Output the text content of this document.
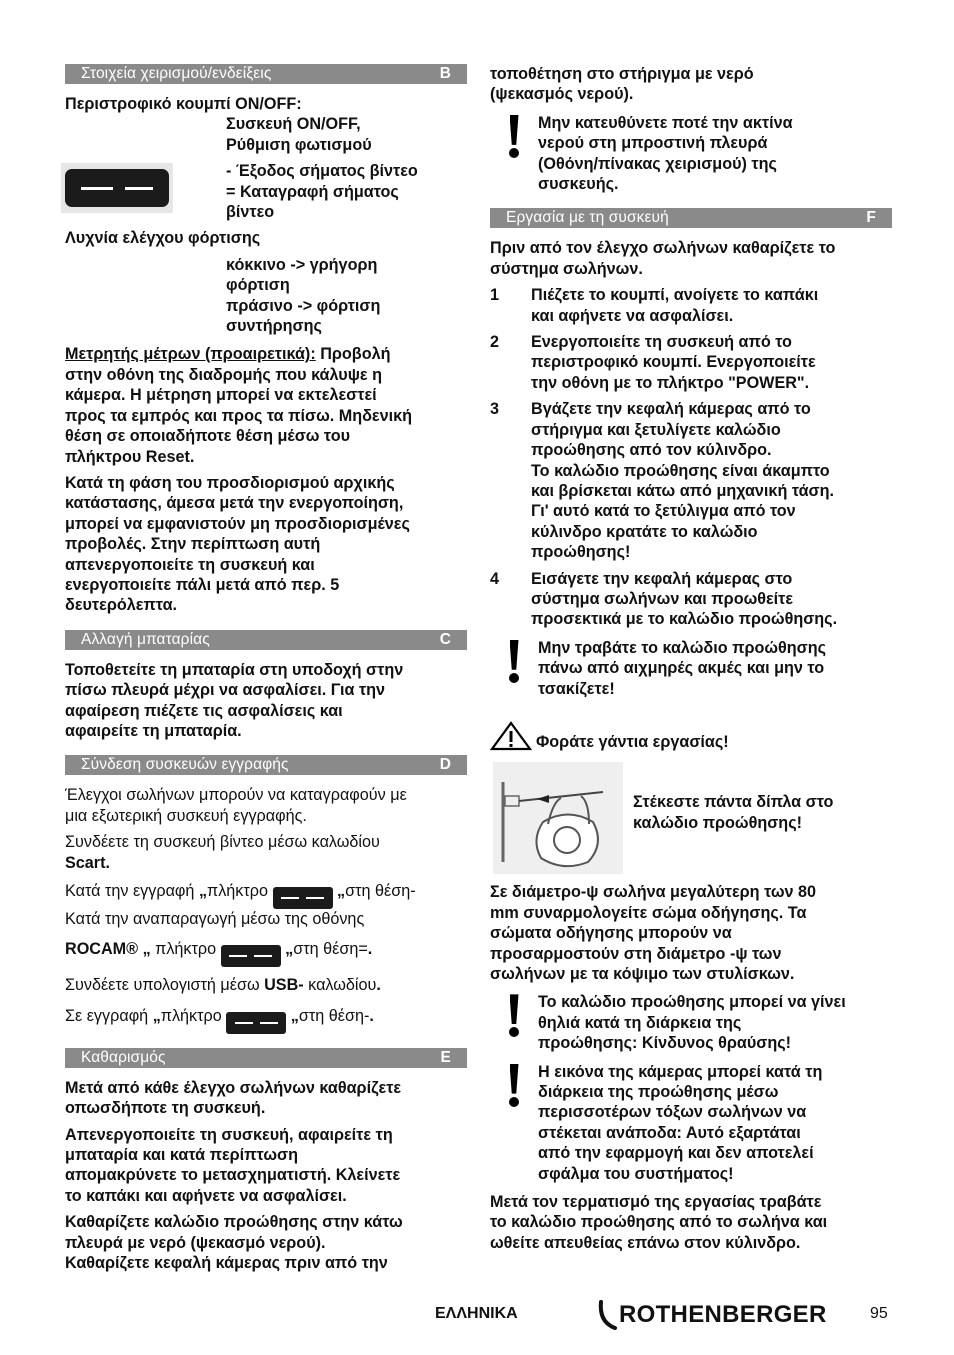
Στοιχεία χειρισμού/ενδείξεις	B

Περιστροφικό κουμπί ON/OFF:

Συσκευή ON/OFF,

Ρύθμιση φωτισμού

- Έξοδος σήματος βίντεο

= Καταγραφή σήματος

βίντεο

Λυχνία ελέγχου φόρτισης

κόκκινο -> γρήγορη

φόρτιση

πράσινο -> φόρτιση

συντήρησης

Μετρητής μέτρων (προαιρετικά): Προβολή

στην οθόνη της διαδρομής που κάλυψε η

κάμερα. Η μέτρηση μπορεί να εκτελεστεί

προς τα εμπρός και προς τα πίσω. Μηδενική

θέση σε οποιαδήποτε θέση μέσω του

πλήκτρου Reset.

Κατά τη φάση του προσδιορισμού αρχικής

κατάστασης, άμεσα μετά την ενεργοποίηση,

μπορεί να εμφανιστούν μη προσδιορισμένες

προβολές. Στην περίπτωση αυτή

απενεργοποιείτε τη συσκευή και

ενεργοποιείτε πάλι μετά από περ. 5

δευτερόλεπτα.

Αλλαγή μπαταρίας	C

Τοποθετείτε τη μπαταρία στη υποδοχή στην

πίσω πλευρά μέχρι να ασφαλίσει. Για την

αφαίρεση πιέζετε τις ασφαλίσεις και

αφαιρείτε τη μπαταρία.

Σύνδεση συσκευών εγγραφής	D

Έλεγχοι σωλήνων μπορούν να καταγραφούν με

μια εξωτερική συσκευή εγγραφής.

Συνδέετε τη συσκευή βίντεο μέσω καλωδίου

Scart.

Κατά την εγγραφή „πλήκτρο	„στη θέση-

Κατά την αναπαραγωγή μέσω της οθόνης

ROCAM® „ πλήκτρο	„στη θέση=.

Συνδέετε υπολογιστή μέσω USB- καλωδίου.

Σε εγγραφή „πλήκτρο	„στη θέση-.

Καθαρισμός	E

Μετά από κάθε έλεγχο σωλήνων καθαρίζετε

οπωσδήποτε τη συσκευή.

Απενεργοποιείτε τη συσκευή, αφαιρείτε τη

μπαταρία και κατά περίπτωση

απομακρύνετε το μετασχηματιστή. Κλείνετε

το καπάκι και αφήνετε να ασφαλίσει.

Καθαρίζετε καλώδιο προώθησης στην κάτω

πλευρά με νερό (ψεκασμό νερού).

Καθαρίζετε κεφαλή κάμερας πριν από την

τοποθέτηση στο στήριγμα με νερό

(ψεκασμός νερού).

Μην κατευθύνετε ποτέ την ακτίνα

νερού στη μπροστινή πλευρά

(Οθόνη/πίνακας χειρισμού) της

συσκευής.

Εργασία με τη συσκευή	F

Πριν από τον έλεγχο σωλήνων καθαρίζετε το

σύστημα σωλήνων.

1	Πιέζετε το κουμπί, ανοίγετε το καπάκι

και αφήνετε να ασφαλίσει.

2	Ενεργοποιείτε τη συσκευή από το

περιστροφικό κουμπί. Ενεργοποιείτε

την οθόνη με το πλήκτρο "POWER".

3	Βγάζετε την κεφαλή κάμερας από το

στήριγμα και ξετυλίγετε καλώδιο

προώθησης από τον κύλινδρο.

Το καλώδιο προώθησης είναι άκαμπτο

και βρίσκεται κάτω από μηχανική τάση.

Γι' αυτό κατά το ξετύλιγμα από τον

κύλινδρο κρατάτε το καλώδιο

προώθησης!

4	Εισάγετε την κεφαλή κάμερας στο

σύστημα σωλήνων και προωθείτε

προσεκτικά με το καλώδιο προώθησης.

Μην τραβάτε το καλώδιο προώθησης

πάνω από αιχμηρές ακμές και μην το

τσακίζετε!

Φοράτε γάντια εργασίας!

Στέκεστε πάντα δίπλα στο

καλώδιο προώθησης!

Σε διάμετρο-ψ σωλήνα μεγαλύτερη των 80

mm συναρμολογείτε σώμα οδήγησης. Τα

σώματα οδήγησης μπορούν να

προσαρμοστούν στη διάμετρο -ψ των

σωλήνων με τα κόψιμο των στυλίσκων.

Το καλώδιο προώθησης μπορεί να γίνει

θηλιά κατά τη διάρκεια της

προώθησης: Κίνδυνος θραύσης!

Η εικόνα της κάμερας μπορεί κατά τη

διάρκεια της προώθησης μέσω

περισσοτέρων τόξων σωλήνων να

στέκεται ανάποδα: Αυτό εξαρτάται

από την εφαρμογή και δεν αποτελεί

σφάλμα του συστήματος!

Μετά τον τερματισμό της εργασίας τραβάτε

το καλώδιο προώθησης από το σωλήνα και

ωθείτε απευθείας επάνω στον κύλινδρο.

ΕΛΛΗΝΙΚΑ	ROTHENBERGER	95
